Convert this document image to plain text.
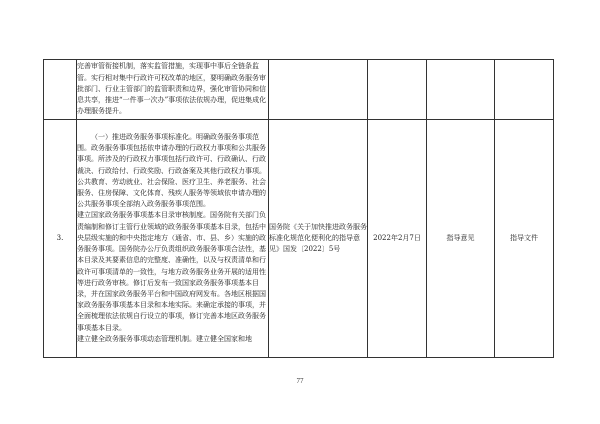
	完善审管衔接机制，落实监管措施，实现事中事后全链条监管。实行相对集中行政许可权改革的地区，要明确政务服务审批部门、行业主管部门的监管职责和边界，强化审管协同和信息共享，推进“一件事一次办”事项依法依规办理，促进集成化办理服务提升。				

3.	（一）推进政务服务事项标准化。明确政务服务事项范围。政务服务事项包括依申请办理的行政权力事项和公共服务事项。所涉及的行政权力事项包括行政许可、行政确认、行政裁决、行政给付、行政奖励、行政备案及其他行政权力事项。公共教育、劳动就业、社会保险、医疗卫生、养老服务、社会服务、住房保障、文化体育、残疾人服务等领域依申请办理的公共服务事项全部纳入政务服务事项范围。

建立国家政务服务事项基本目录审核制度。国务院有关部门负责编制和修订主管行业领域的政务服务事项基本目录，包括中央层级实施的和中央指定地方（通省、市、县、乡）实施的政务服务事项。国务院办公厅负责组织政务服务事项合法性，基本目录及其要素信息的完整度、准确性，以及与权责清单和行政许可事项清单的一致性，与地方政务服务业务开展的适用性等进行政务审核。修订后发布一致国家政务服务事项基本目录，并在国家政务服务平台和中国政府网发布。各地区根据国家政务服务事项基本目录和本地实际。来确定承接的事项，并全面梳理依法依规自行设立的事项，修订完善本地区政务服务事项基本目录。

建立健全政务服务事项动态管理机制。建立健全国家和地	国务院《关于加快推进政务服务标准化规范化便利化的指导意见》国发〔2022〕5号	2022年2月7日	指导意见	指导文件
77
